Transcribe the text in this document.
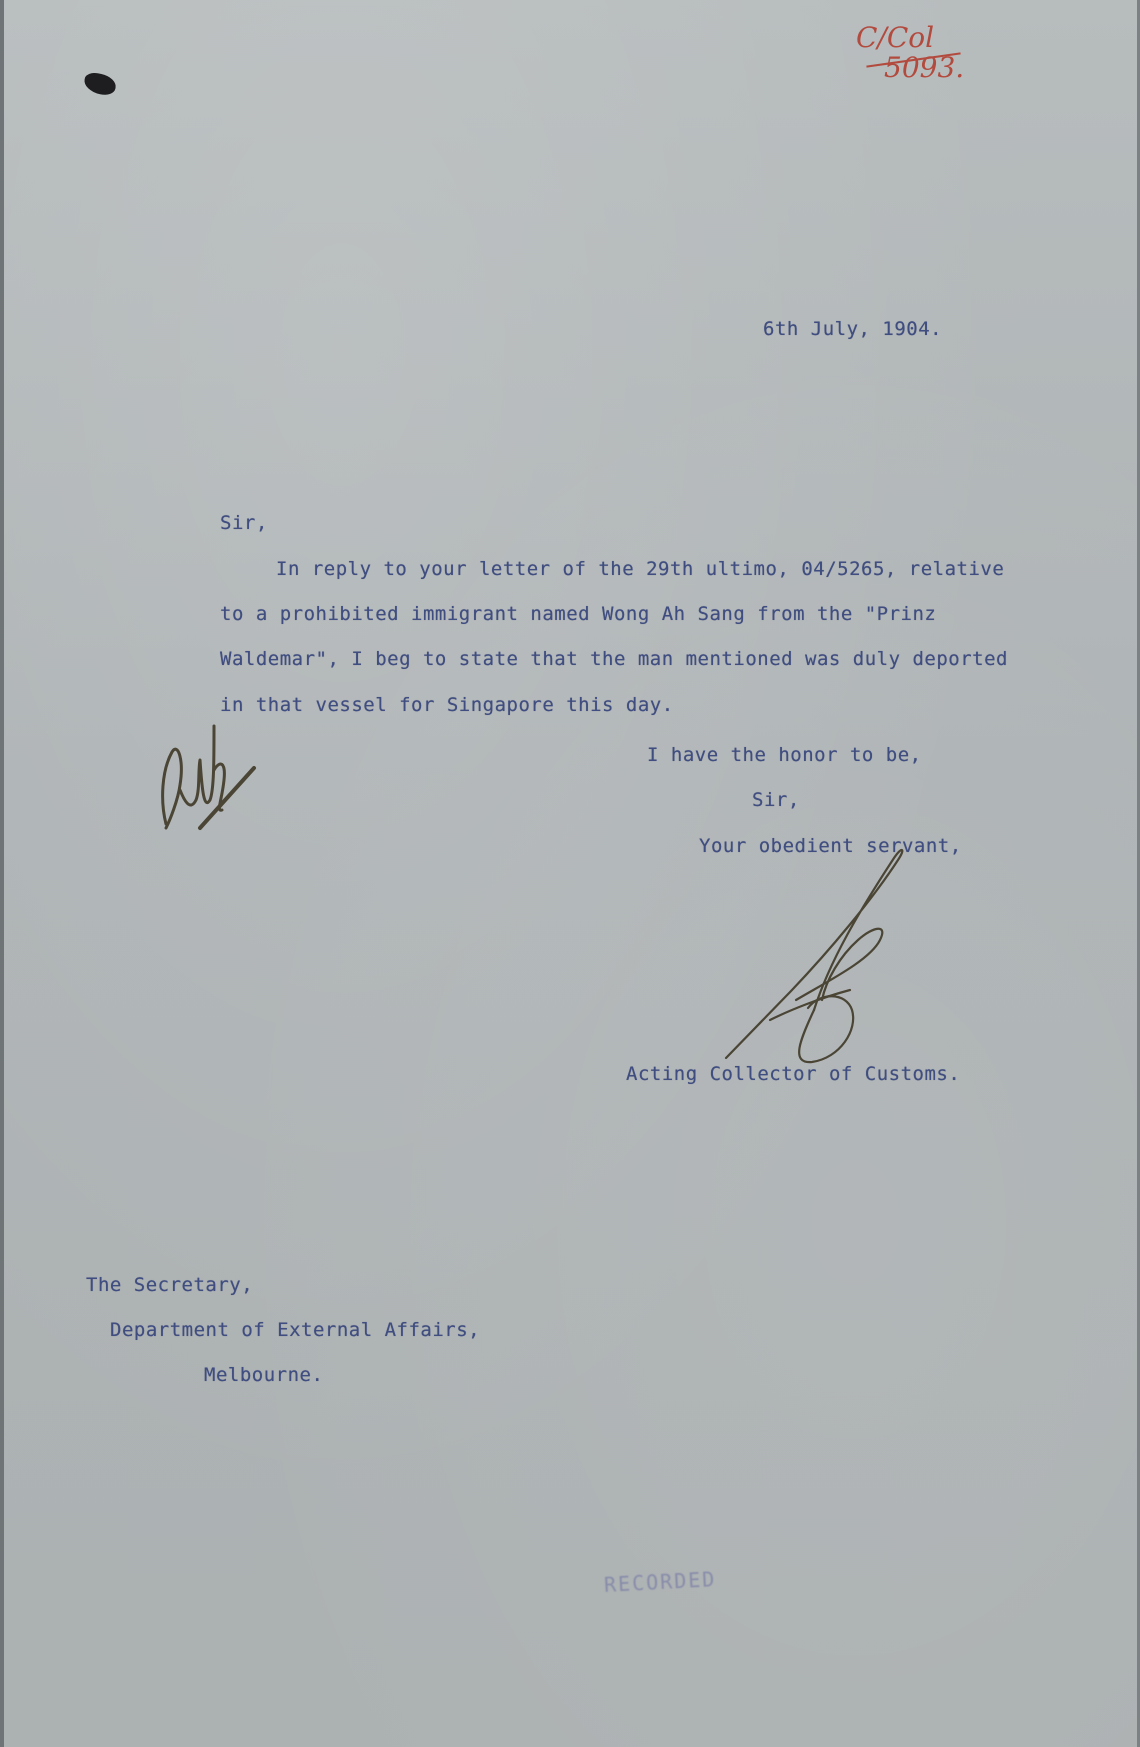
C/Col
5093.
6th July, 1904.
Sir,
In reply to your letter of the 29th ultimo, 04/5265, relative
to a prohibited immigrant named Wong Ah Sang from the "Prinz
Waldemar", I beg to state that the man mentioned was duly deported
in that vessel for Singapore this day.
I have the honor to be,
Sir,
Your obedient servant,
Acting Collector of Customs.
The Secretary,
Department of External Affairs,
Melbourne.
RECORDED
